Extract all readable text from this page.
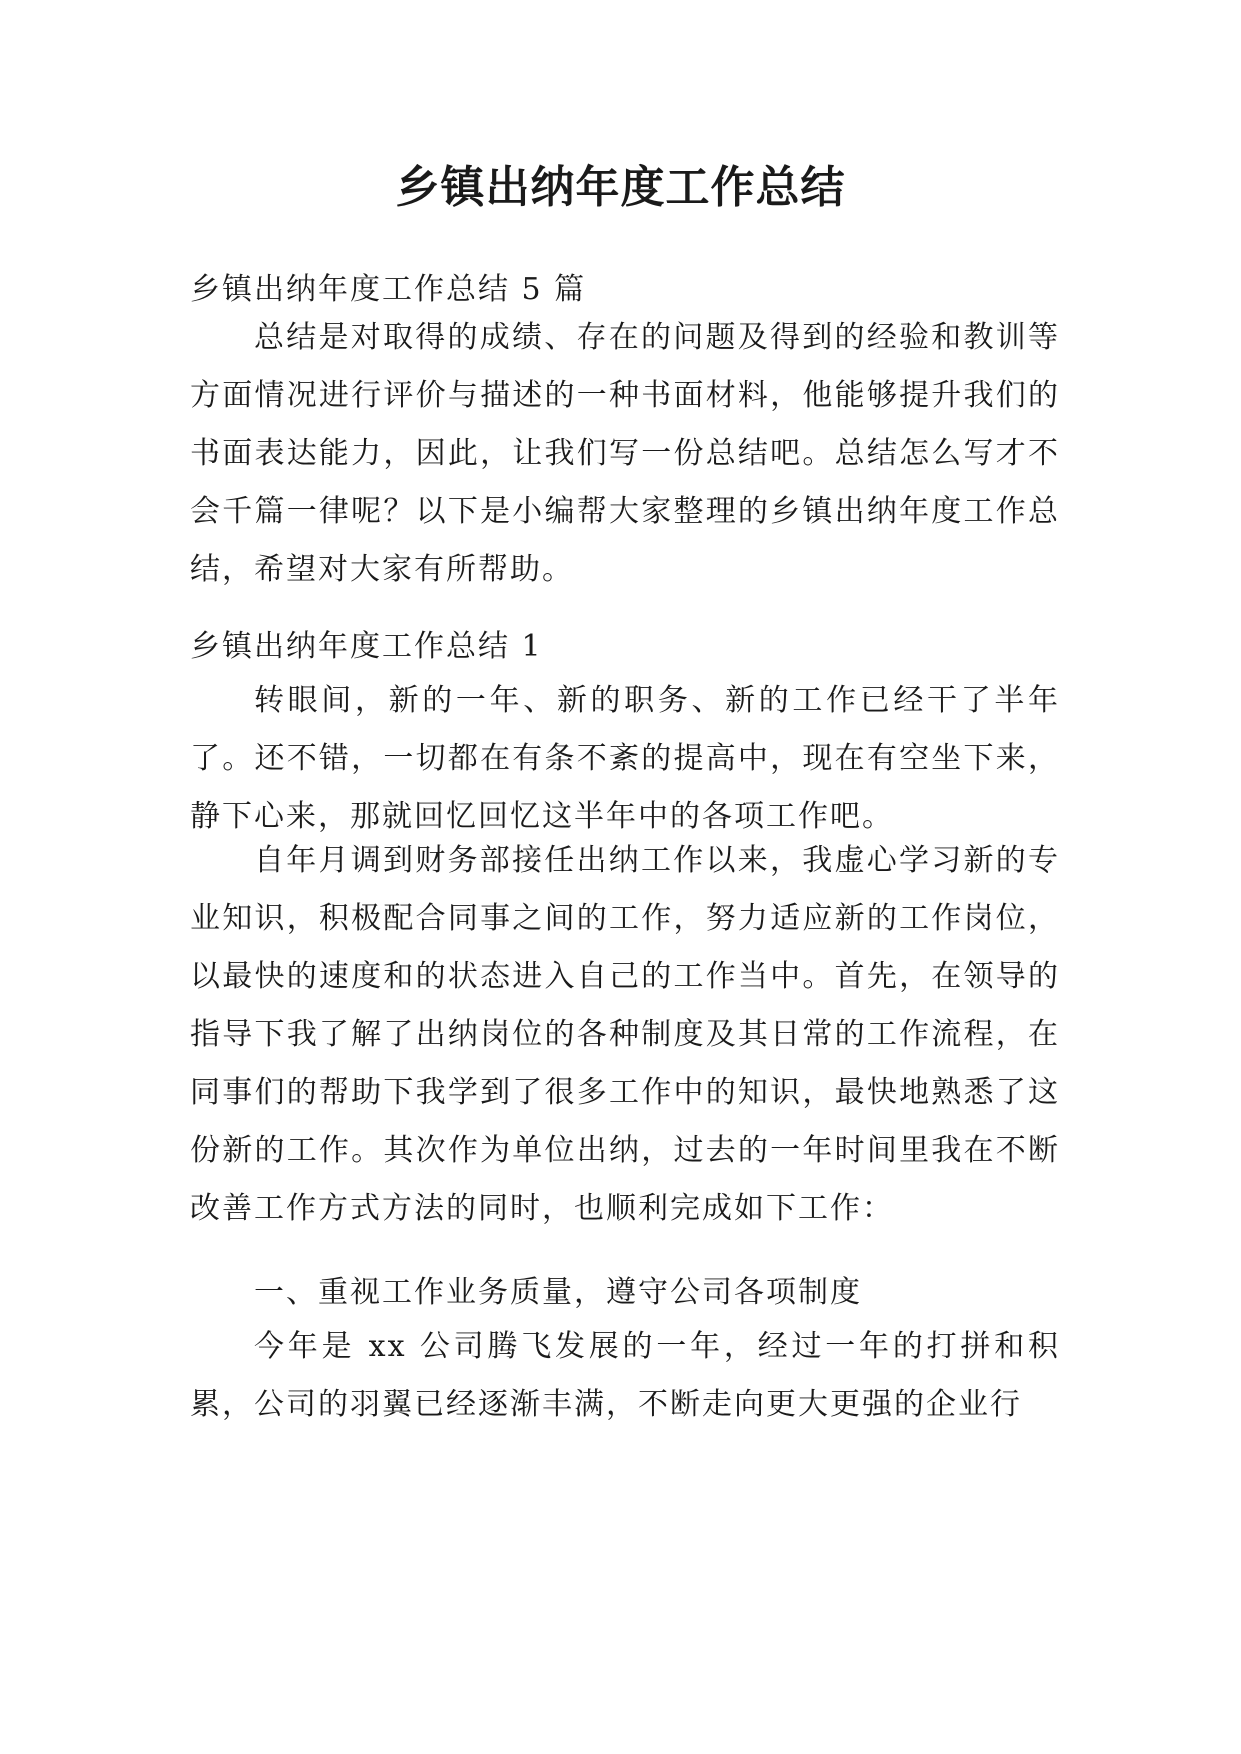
乡镇出纳年度工作总结

乡镇出纳年度工作总结 5 篇

总结是对取得的成绩、存在的问题及得到的经验和教训等方面情况进行评价与描述的一种书面材料，他能够提升我们的书面表达能力，因此，让我们写一份总结吧。总结怎么写才不会千篇一律呢？以下是小编帮大家整理的乡镇出纳年度工作总结，希望对大家有所帮助。

乡镇出纳年度工作总结 1

转眼间，新的一年、新的职务、新的工作已经干了半年了。还不错，一切都在有条不紊的提高中，现在有空坐下来，静下心来，那就回忆回忆这半年中的各项工作吧。

自年月调到财务部接任出纳工作以来，我虚心学习新的专业知识，积极配合同事之间的工作，努力适应新的工作岗位，以最快的速度和的状态进入自己的工作当中。首先，在领导的指导下我了解了出纳岗位的各种制度及其日常的工作流程，在同事们的帮助下我学到了很多工作中的知识，最快地熟悉了这份新的工作。其次作为单位出纳，过去的一年时间里我在不断改善工作方式方法的同时，也顺利完成如下工作：

一、重视工作业务质量，遵守公司各项制度

今年是 xx 公司腾飞发展的一年，经过一年的打拼和积累，公司的羽翼已经逐渐丰满，不断走向更大更强的企业行
